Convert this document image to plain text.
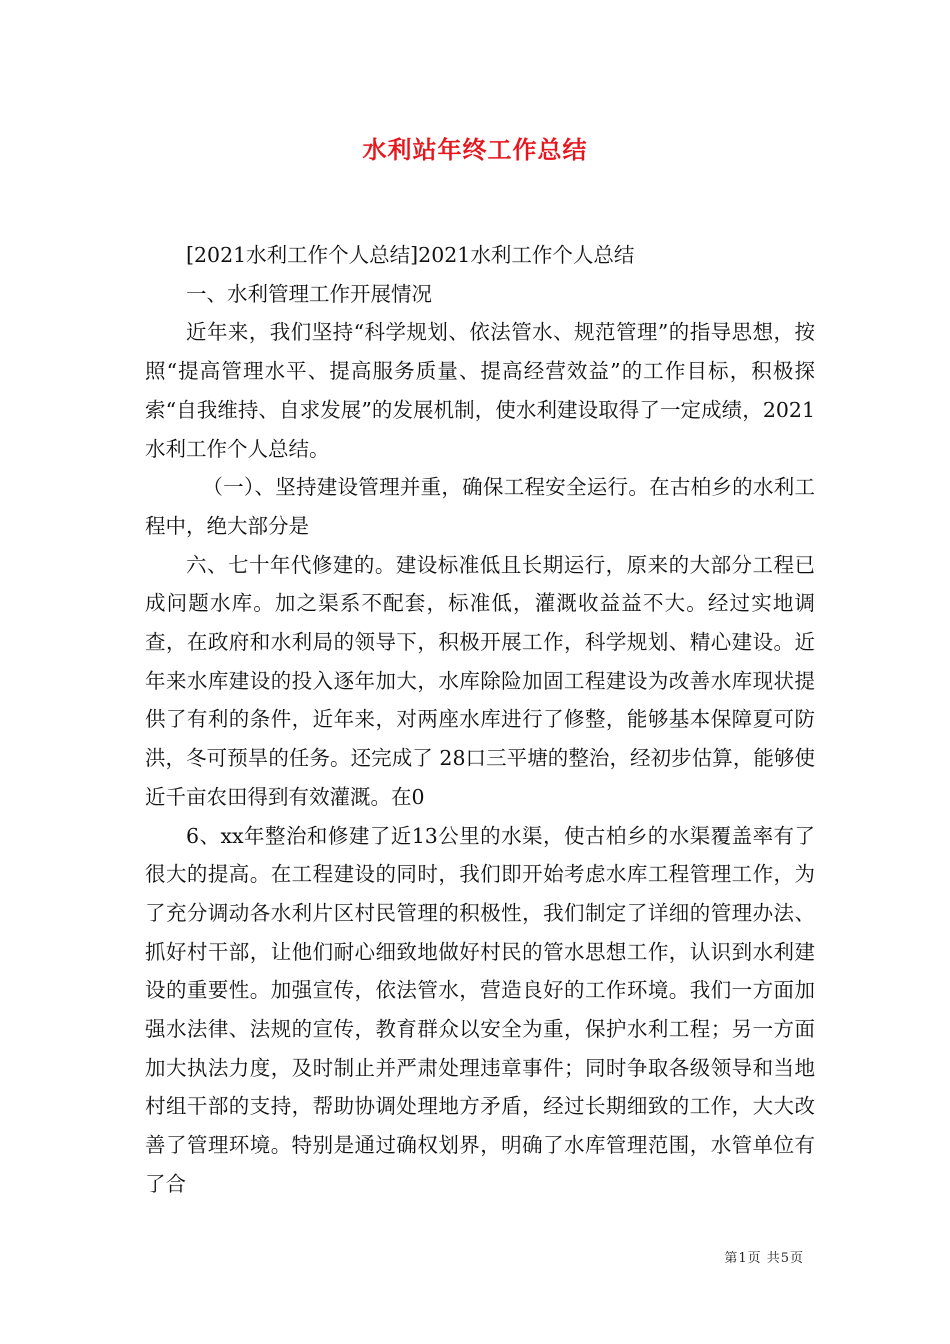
水利站年终工作总结

[2021水利工作个人总结]2021水利工作个人总结

一、水利管理工作开展情况

近年来，我们坚持“科学规划、依法管水、规范管理”的指导思想，按照“提高管理水平、提高服务质量、提高经营效益”的工作目标，积极探索“自我维持、自求发展”的发展机制，使水利建设取得了一定成绩，2021水利工作个人总结。

（一）、坚持建设管理并重，确保工程安全运行。在古柏乡的水利工程中，绝大部分是

六、七十年代修建的。建设标准低且长期运行，原来的大部分工程已成问题水库。加之渠系不配套，标准低，灌溉收益益不大。经过实地调查，在政府和水利局的领导下，积极开展工作，科学规划、精心建设。近年来水库建设的投入逐年加大，水库除险加固工程建设为改善水库现状提供了有利的条件，近年来，对两座水库进行了修整，能够基本保障夏可防洪，冬可预旱的任务。还完成了 28口三平塘的整治，经初步估算，能够使近千亩农田得到有效灌溉。在0

6、xx年整治和修建了近13公里的水渠，使古柏乡的水渠覆盖率有了很大的提高。在工程建设的同时，我们即开始考虑水库工程管理工作，为了充分调动各水利片区村民管理的积极性，我们制定了详细的管理办法、抓好村干部，让他们耐心细致地做好村民的管水思想工作，认识到水利建设的重要性。加强宣传，依法管水，营造良好的工作环境。我们一方面加强水法律、法规的宣传，教育群众以安全为重，保护水利工程；另一方面加大执法力度，及时制止并严肃处理违章事件；同时争取各级领导和当地村组干部的支持，帮助协调处理地方矛盾，经过长期细致的工作，大大改善了管理环境。特别是通过确权划界，明确了水库管理范围，水管单位有了合

第1页 共5页
